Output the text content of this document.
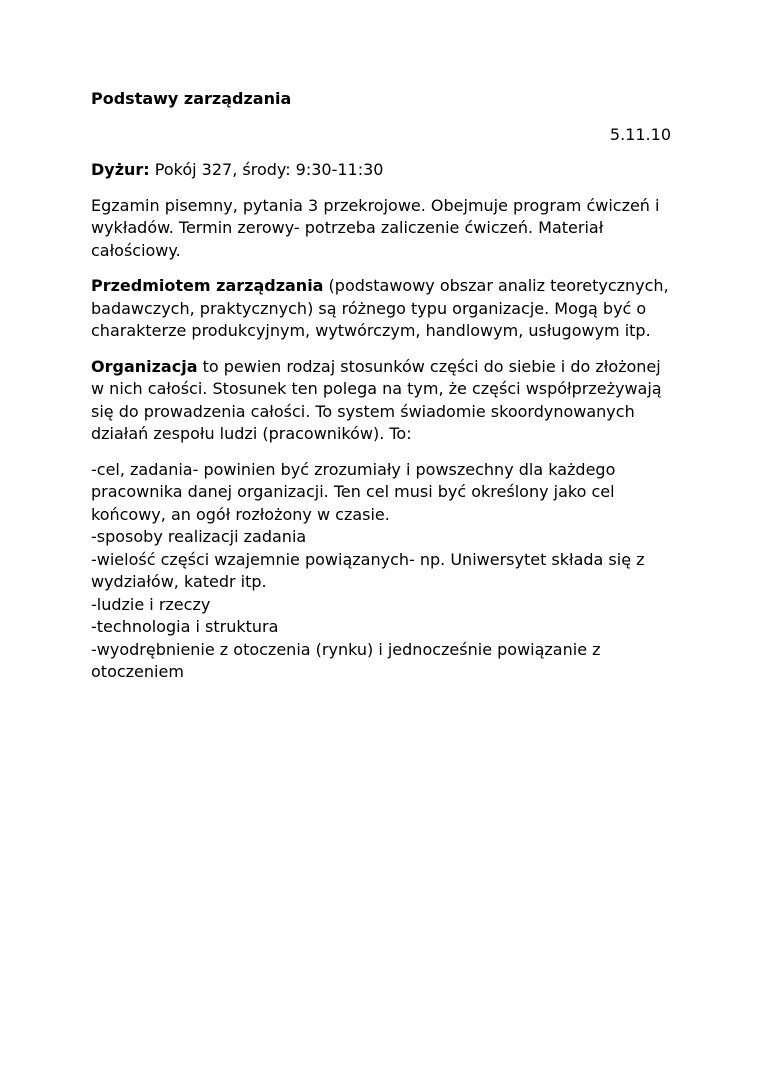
Podstawy zarządzania
5.11.10

Dyżur: Pokój 327, środy: 9:30-11:30

Egzamin pisemny, pytania 3 przekrojowe. Obejmuje program ćwiczeń i wykładów. Termin zerowy- potrzeba zaliczenie ćwiczeń. Materiał całościowy.

Przedmiotem zarządzania (podstawowy obszar analiz teoretycznych, badawczych, praktycznych) są różnego typu organizacje. Mogą być o charakterze produkcyjnym, wytwórczym, handlowym, usługowym itp.

Organizacja to pewien rodzaj stosunków części do siebie i do złożonej w nich całości. Stosunek ten polega na tym, że części współprzeżywają się do prowadzenia całości. To system świadomie skoordynowanych działań zespołu ludzi (pracowników). To:

-cel, zadania- powinien być zrozumiały i powszechny dla każdego pracownika danej organizacji. Ten cel musi być określony jako cel końcowy, an ogół rozłożony w czasie.
-sposoby realizacji zadania
-wielość części wzajemnie powiązanych- np. Uniwersytet składa się z wydziałów, katedr itp.
-ludzie i rzeczy
-technologia i struktura
-wyodrębnienie z otoczenia (rynku) i jednocześnie powiązanie z otoczeniem
